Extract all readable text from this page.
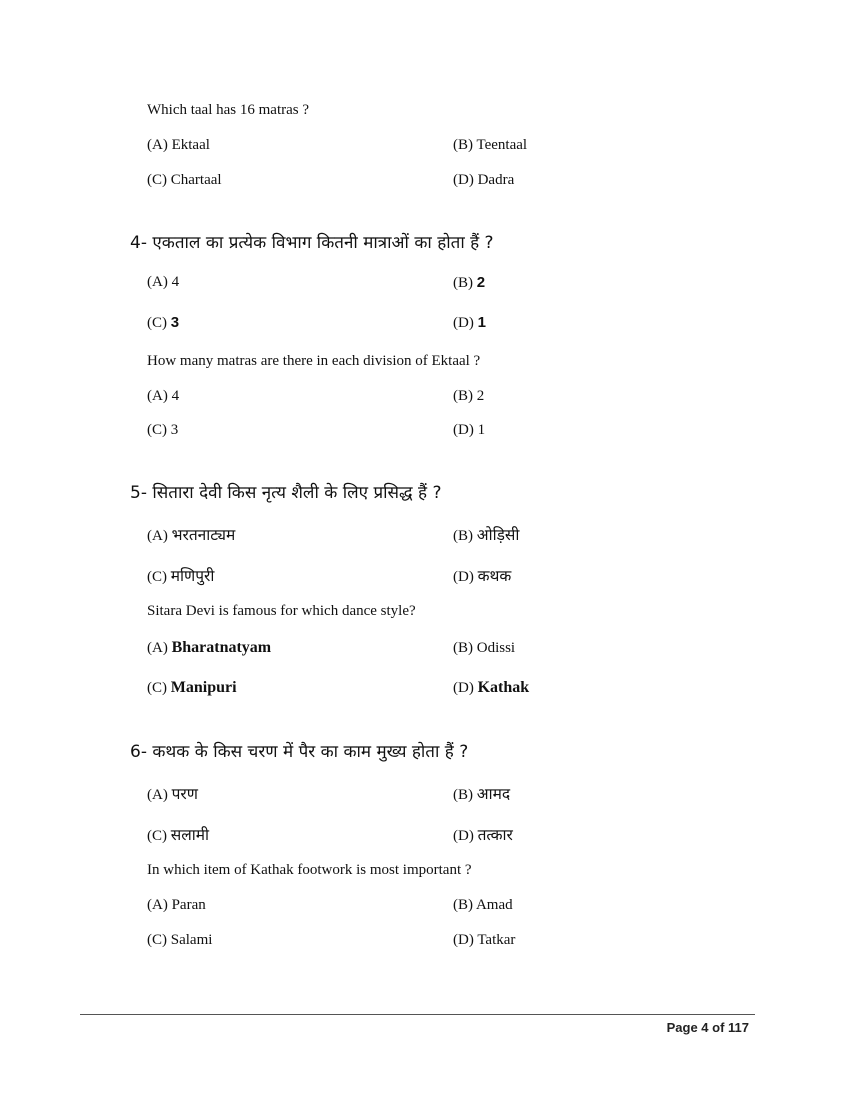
Which taal has 16 matras ?
(A) Ektaal	(B) Teentaal
(C) Chartaal	(D) Dadra
4- एकताल का प्रत्येक विभाग कितनी मात्राओं का होता हैं ?
(A) 4	(B) 2
(C) 3	(D) 1
How many matras are there in each division of Ektaal ?
(A) 4	(B) 2
(C) 3	(D) 1
5- सितारा देवी किस नृत्य शैली के लिए प्रसिद्ध हैं ?
(A) भरतनाट्यम	(B) ओड़िसी
(C) मणिपुरी	(D) कथक
Sitara Devi is famous for which dance style?
(A) Bharatnatyam	(B) Odissi
(C) Manipuri	(D) Kathak
6- कथक के किस चरण में पैर का काम मुख्य होता हैं ?
(A) परण	(B) आमद
(C) सलामी	(D) तत्कार
In which item of Kathak footwork is most important ?
(A) Paran	(B) Amad
(C) Salami	(D) Tatkar
Page 4 of 117
